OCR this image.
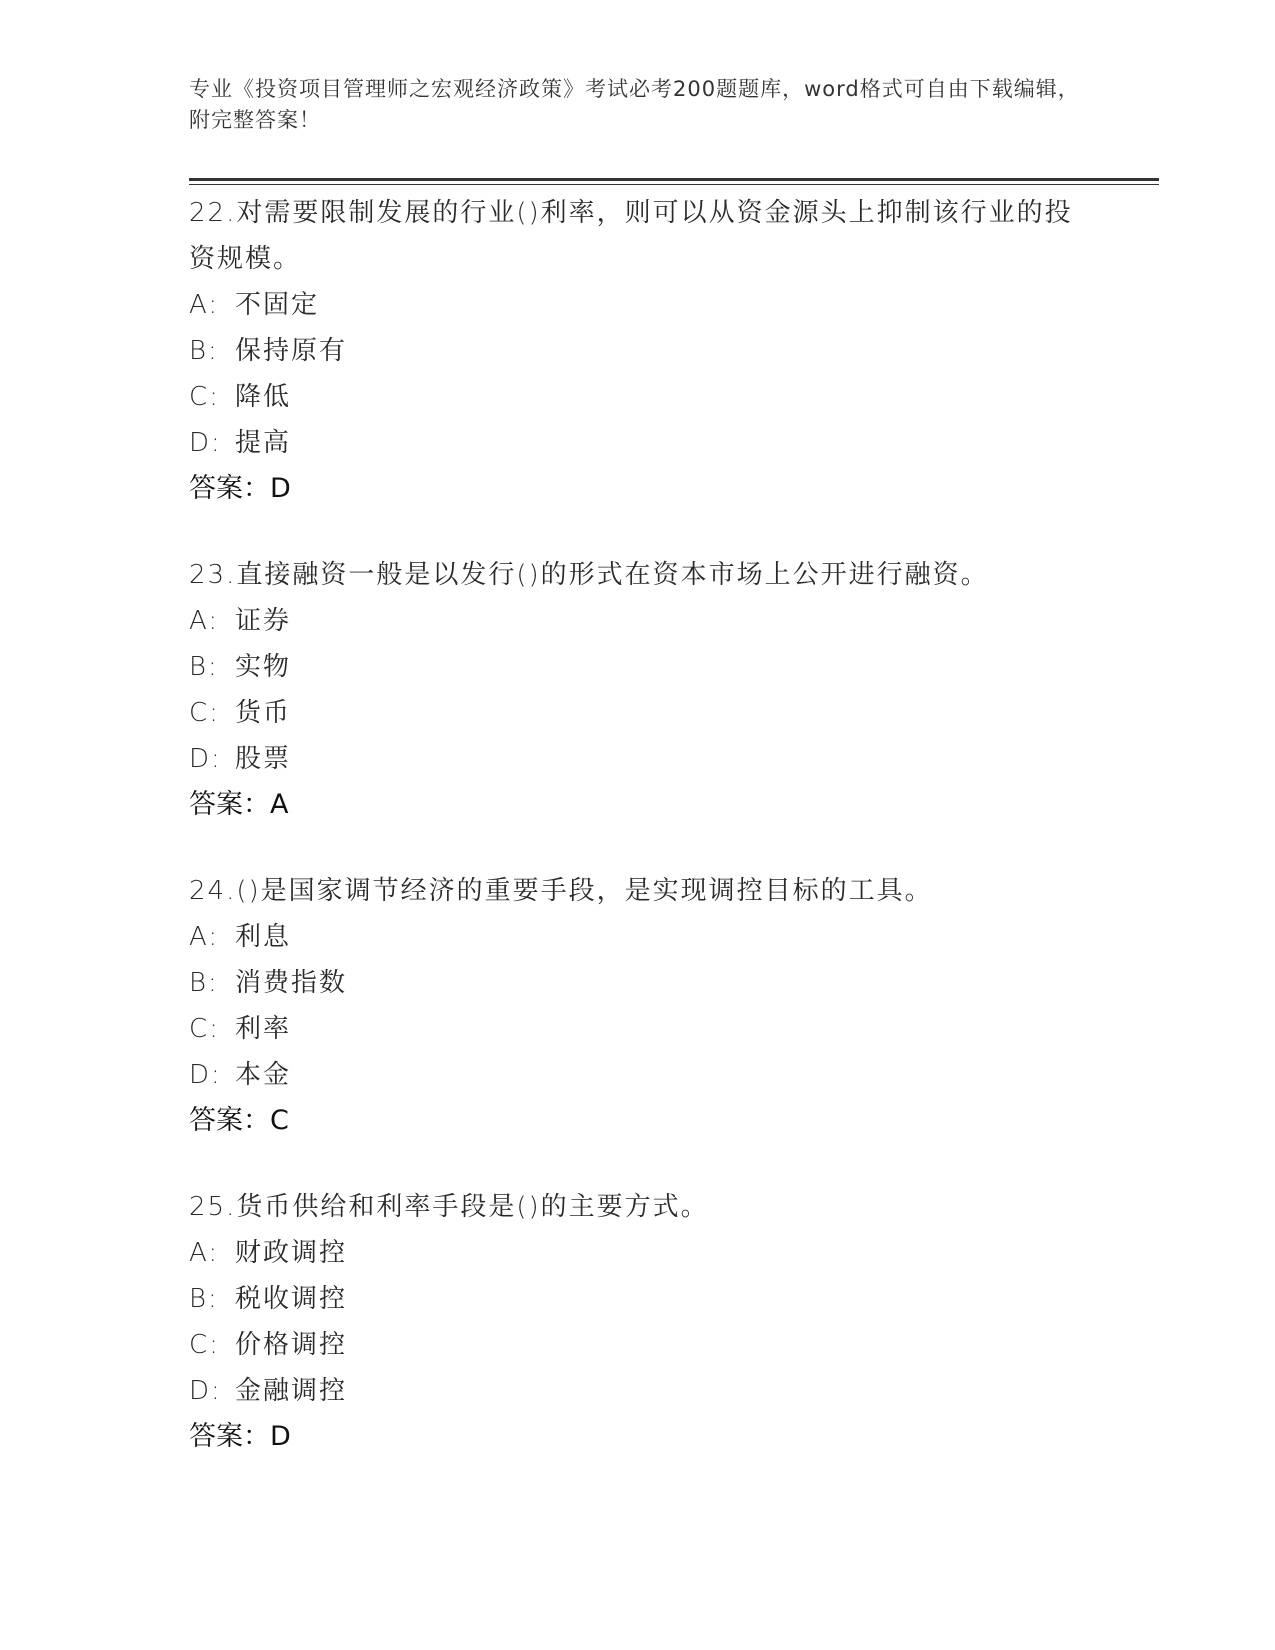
专业《投资项目管理师之宏观经济政策》考试必考200题题库，word格式可自由下载编辑，附完整答案！

22.对需要限制发展的行业()利率，则可以从资金源头上抑制该行业的投资规模。

A: 不固定

B: 保持原有

C: 降低

D: 提高

答案：D

23.直接融资一般是以发行()的形式在资本市场上公开进行融资。

A: 证券

B: 实物

C: 货币

D: 股票

答案：A

24.()是国家调节经济的重要手段，是实现调控目标的工具。

A: 利息

B: 消费指数

C: 利率

D: 本金

答案：C

25.货币供给和利率手段是()的主要方式。

A: 财政调控

B: 税收调控

C: 价格调控

D: 金融调控

答案：D
